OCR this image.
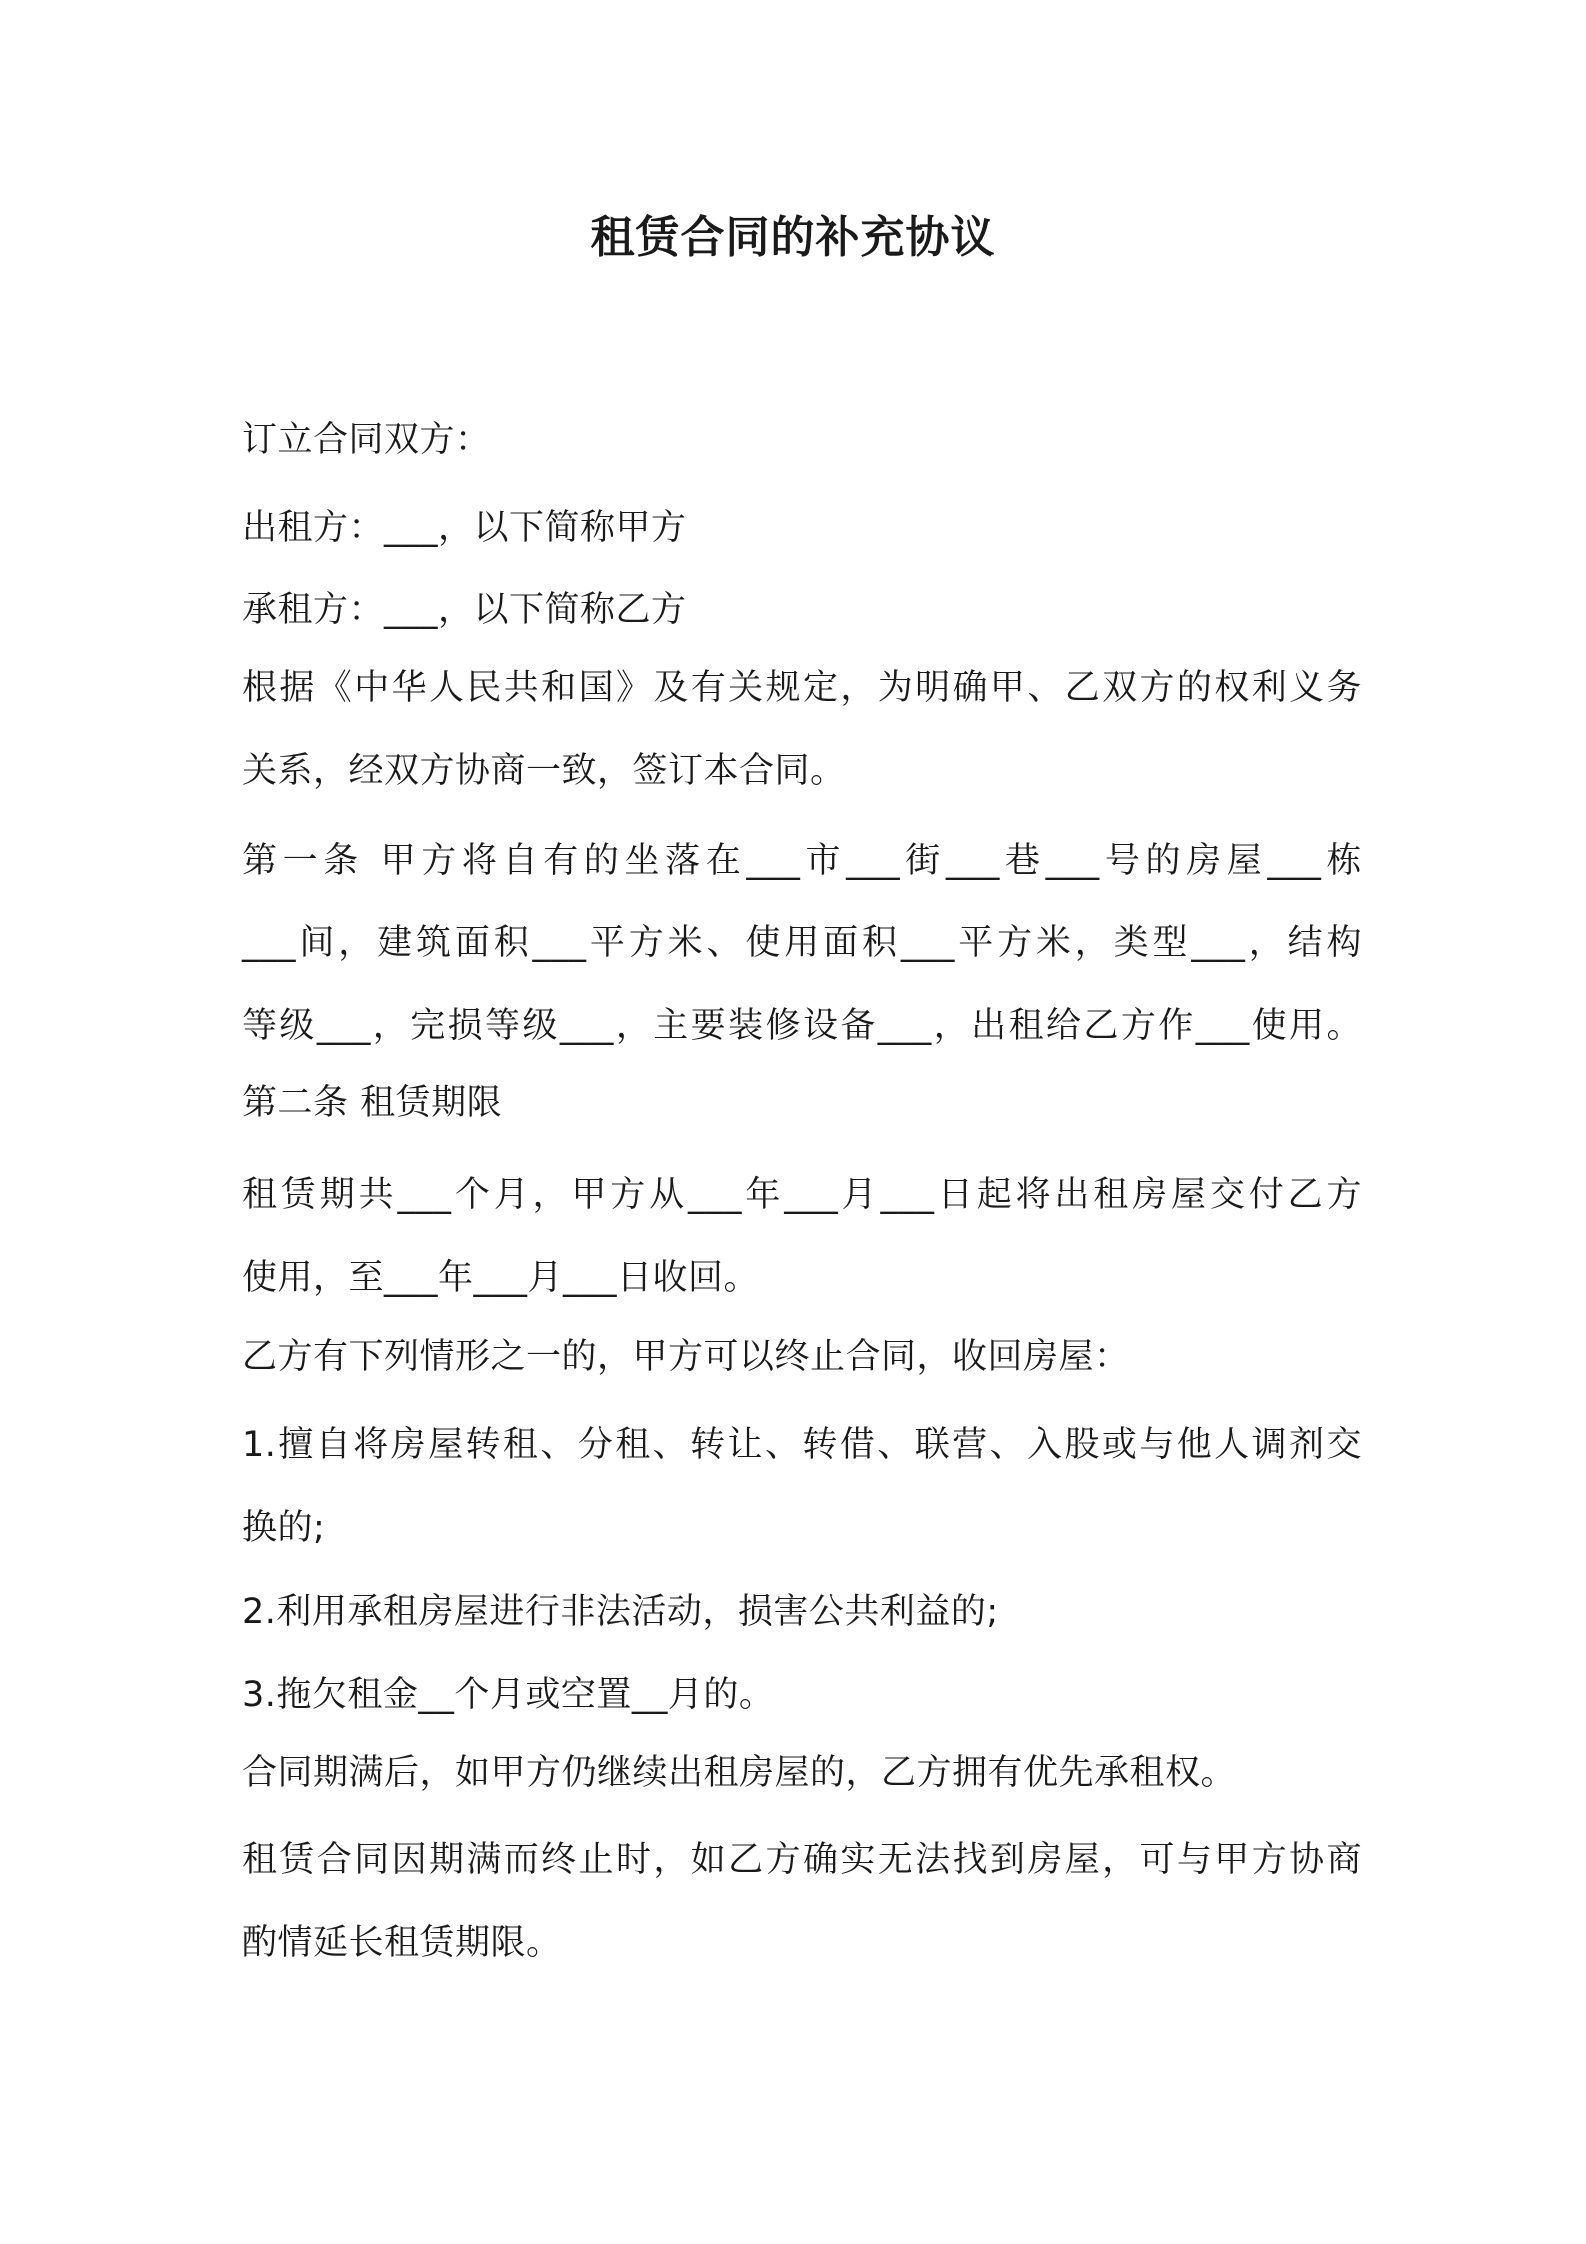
租赁合同的补充协议
订立合同双方：
出租方：___，以下简称甲方
承租方：___，以下简称乙方
根据《中华人民共和国》及有关规定，为明确甲、乙双方的权利义务
关系，经双方协商一致，签订本合同。
第一条 甲方将自有的坐落在___市___街___巷___号的房屋___栋
___间，建筑面积___平方米、使用面积___平方米，类型___，结构
等级___，完损等级___，主要装修设备___，出租给乙方作___使用。
第二条 租赁期限
租赁期共___个月，甲方从___年___月___日起将出租房屋交付乙方
使用，至___年___月___日收回。
乙方有下列情形之一的，甲方可以终止合同，收回房屋：
1.擅自将房屋转租、分租、转让、转借、联营、入股或与他人调剂交
换的;
2.利用承租房屋进行非法活动，损害公共利益的;
3.拖欠租金__个月或空置__月的。
合同期满后，如甲方仍继续出租房屋的，乙方拥有优先承租权。
租赁合同因期满而终止时，如乙方确实无法找到房屋，可与甲方协商
酌情延长租赁期限。
